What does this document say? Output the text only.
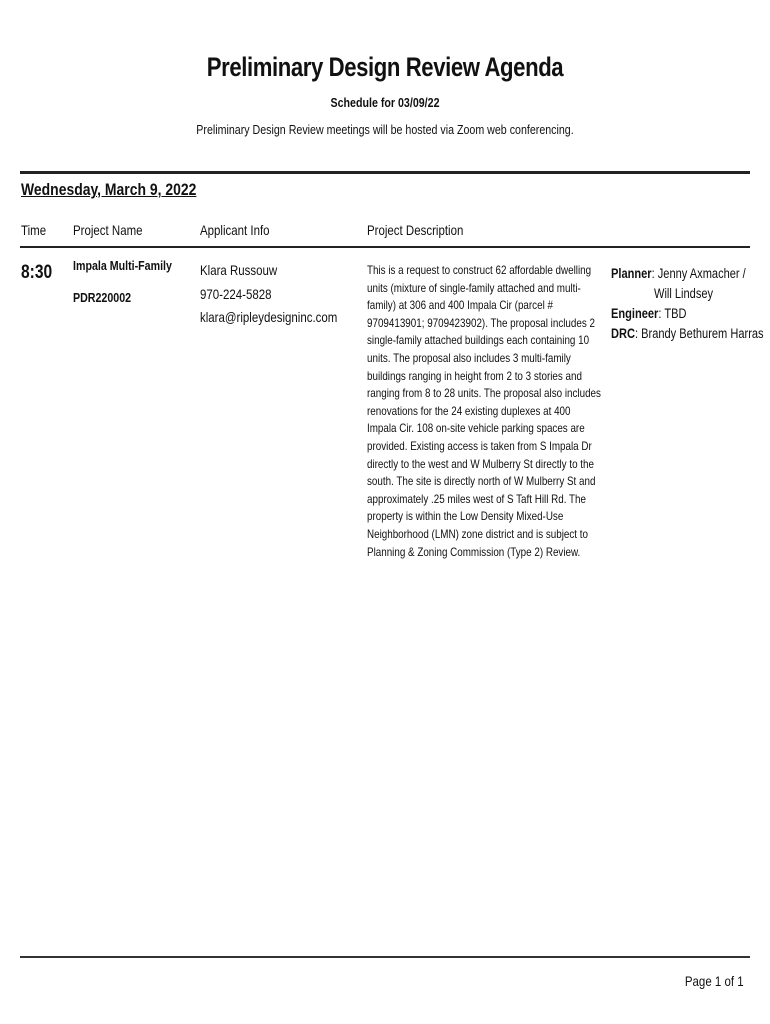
Preliminary Design Review Agenda
Schedule for 03/09/22
Preliminary Design Review meetings will be hosted via Zoom web conferencing.
Wednesday, March 9, 2022
Time Project Name	Applicant Info	Project Description
8:30 Impala Multi-Family
PDR220002
Klara Russouw
970-224-5828
klara@ripleydesigninc.com
This is a request to construct 62 affordable dwelling units (mixture of single-family attached and multi-family) at 306 and 400 Impala Cir (parcel # 9709413901; 9709423902). The proposal includes 2 single-family attached buildings each containing 10 units. The proposal also includes 3 multi-family buildings ranging in height from 2 to 3 stories and ranging from 8 to 28 units. The proposal also includes renovations for the 24 existing duplexes at 400 Impala Cir. 108 on-site vehicle parking spaces are provided. Existing access is taken from S Impala Dr directly to the west and W Mulberry St directly to the south. The site is directly north of W Mulberry St and approximately .25 miles west of S Taft Hill Rd. The property is within the Low Density Mixed-Use Neighborhood (LMN) zone district and is subject to Planning & Zoning Commission (Type 2) Review.
Planner: Jenny Axmacher /
Will Lindsey
Engineer: TBD
DRC: Brandy Bethurem Harras
Page 1 of 1
